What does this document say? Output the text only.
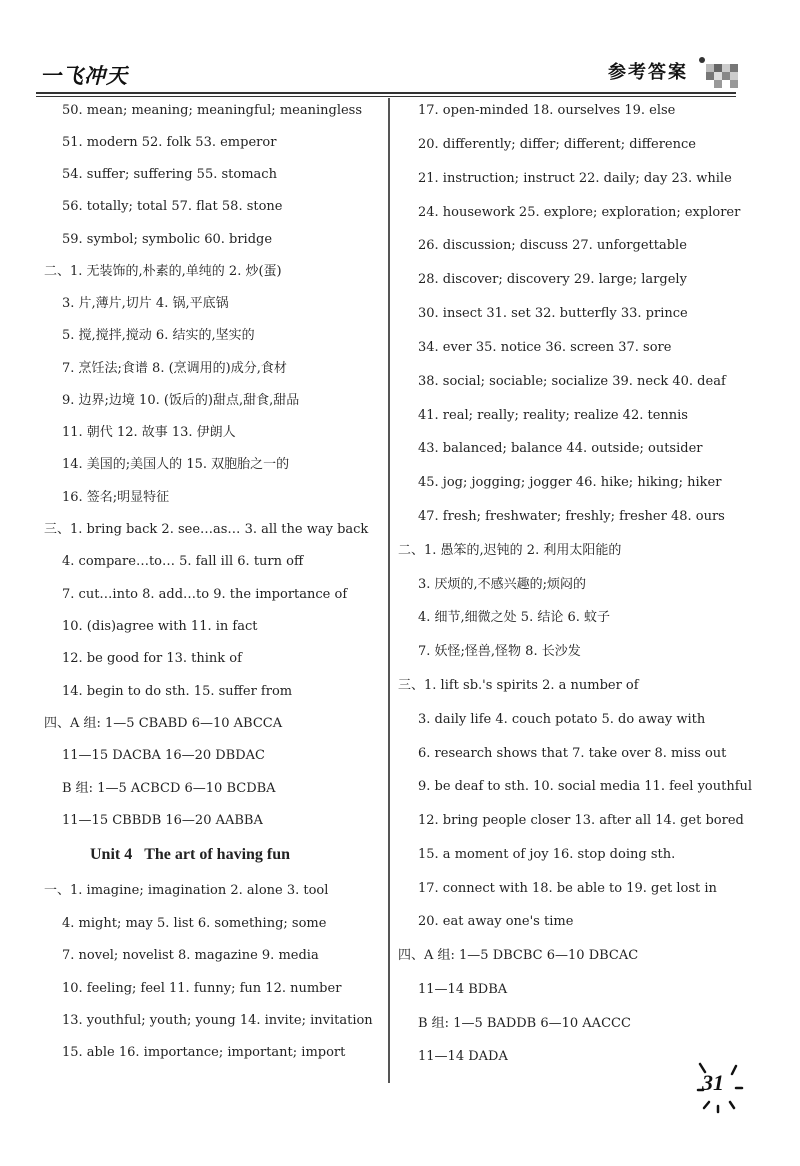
一飞冲天	参考答案
50. mean; meaning; meaningful; meaningless
51. modern 52. folk 53. emperor
54. suffer; suffering 55. stomach
56. totally; total 57. flat 58. stone
59. symbol; symbolic 60. bridge
二、1. 无装饰的,朴素的,单纯的 2. 炒(蛋)
3. 片,薄片,切片 4. 锅,平底锅
5. 搅,搅拌,搅动 6. 结实的,坚实的
7. 烹饪法;食谱 8. (烹调用的)成分,食材
9. 边界;边境 10. (饭后的)甜点,甜食,甜品
11. 朝代 12. 故事 13. 伊朗人
14. 美国的;美国人的 15. 双胞胎之一的
16. 签名;明显特征
三、1. bring back 2. see…as… 3. all the way back
4. compare…to… 5. fall ill 6. turn off
7. cut…into 8. add…to 9. the importance of
10. (dis)agree with 11. in fact
12. be good for 13. think of
14. begin to do sth. 15. suffer from
四、A 组: 1—5 CBABD 6—10 ABCCA
11—15 DACBA 16—20 DBDAC
B 组: 1—5 ACBCD 6—10 BCDBA
11—15 CBBDB 16—20 AABBA
Unit 4 The art of having fun
一、1. imagine; imagination 2. alone 3. tool
4. might; may 5. list 6. something; some
7. novel; novelist 8. magazine 9. media
10. feeling; feel 11. funny; fun 12. number
13. youthful; youth; young 14. invite; invitation
15. able 16. importance; important; import
17. open-minded 18. ourselves 19. else
20. differently; differ; different; difference
21. instruction; instruct 22. daily; day 23. while
24. housework 25. explore; exploration; explorer
26. discussion; discuss 27. unforgettable
28. discover; discovery 29. large; largely
30. insect 31. set 32. butterfly 33. prince
34. ever 35. notice 36. screen 37. sore
38. social; sociable; socialize 39. neck 40. deaf
41. real; really; reality; realize 42. tennis
43. balanced; balance 44. outside; outsider
45. jog; jogging; jogger 46. hike; hiking; hiker
47. fresh; freshwater; freshly; fresher 48. ours
二、1. 愚笨的,迟钝的 2. 利用太阳能的
3. 厌烦的,不感兴趣的;烦闷的
4. 细节,细微之处 5. 结论 6. 蚊子
7. 妖怪;怪兽,怪物 8. 长沙发
三、1. lift sb.'s spirits 2. a number of
3. daily life 4. couch potato 5. do away with
6. research shows that 7. take over 8. miss out
9. be deaf to sth. 10. social media 11. feel youthful
12. bring people closer 13. after all 14. get bored
15. a moment of joy 16. stop doing sth.
17. connect with 18. be able to 19. get lost in
20. eat away one's time
四、A 组: 1—5 DBCBC 6—10 DBCAC
11—14 BDBA
B 组: 1—5 BADDB 6—10 AACCC
11—14 DADA
31
